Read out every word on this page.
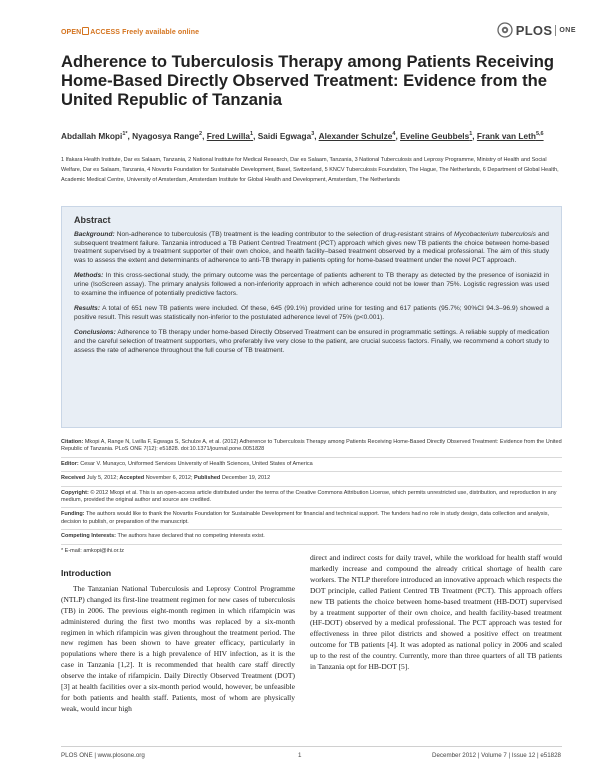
OPEN ACCESS Freely available online	PLOS ONE
Adherence to Tuberculosis Therapy among Patients Receiving Home-Based Directly Observed Treatment: Evidence from the United Republic of Tanzania
Abdallah Mkopi$^{1*}$, Nyagosya Range$^2$, Fred Lwilla$^1$, Saidi Egwaga$^3$, Alexander Schulze$^4$, Eveline Geubbels$^1$, Frank van Leth$^{5,6}$
1 Ifakara Health Institute, Dar es Salaam, Tanzania, 2 National Institute for Medical Research, Dar es Salaam, Tanzania, 3 National Tuberculosis and Leprosy Programme, Ministry of Health and Social Welfare, Dar es Salaam, Tanzania, 4 Novartis Foundation for Sustainable Development, Basel, Switzerland, 5 KNCV Tuberculosis Foundation, The Hague, The Netherlands, 6 Department of Global Health, Academic Medical Centre, University of Amsterdam, Amsterdam Institute for Global Health and Development, Amsterdam, The Netherlands
Abstract

Background: Non-adherence to tuberculosis (TB) treatment is the leading contributor to the selection of drug-resistant strains of Mycobacterium tuberculosis and subsequent treatment failure. Tanzania introduced a TB Patient Centred Treatment (PCT) approach which gives new TB patients the choice between home-based treatment supervised by a treatment supporter of their own choice, and health facility–based treatment observed by a medical professional. The aim of this study was to assess the extent and determinants of adherence to anti-TB therapy in patients opting for home-based treatment under the novel PCT approach.

Methods: In this cross-sectional study, the primary outcome was the percentage of patients adherent to TB therapy as detected by the presence of isoniazid in urine (IsoScreen assay). The primary analysis followed a non-inferiority approach in which adherence could not be lower than 75%. Logistic regression was used to examine the influence of potentially predictive factors.

Results: A total of 651 new TB patients were included. Of these, 645 (99.1%) provided urine for testing and 617 patients (95.7%; 90%CI 94.3–96.9) showed a positive result. This result was statistically non-inferior to the postulated adherence level of 75% (p<0.001).

Conclusions: Adherence to TB therapy under home-based Directly Observed Treatment can be ensured in programmatic settings. A reliable supply of medication and the careful selection of treatment supporters, who preferably live very close to the patient, are crucial success factors. Finally, we recommend a cohort study to assess the rate of adherence throughout the full course of TB treatment.

Citation: Mkopi A, Range N, Lwilla F, Egwaga S, Schulze A, et al. (2012) Adherence to Tuberculosis Therapy among Patients Receiving Home-Based Directly Observed Treatment: Evidence from the United Republic of Tanzania. PLoS ONE 7(12): e51828. doi:10.1371/journal.pone.0051828
Editor: Cesar V. Munayco, Uniformed Services University of Health Sciences, United States of America
Received July 5, 2012; Accepted November 6, 2012; Published December 19, 2012
Copyright: © 2012 Mkopi et al. This is an open-access article distributed under the terms of the Creative Commons Attribution License, which permits unrestricted use, distribution, and reproduction in any medium, provided the original author and source are credited.
Funding: The authors would like to thank the Novartis Foundation for Sustainable Development for financial and technical support. The funders had no role in study design, data collection and analysis, decision to publish, or preparation of the manuscript.
Competing Interests: The authors have declared that no competing interests exist.
* E-mail: amkopi@ihi.or.tz
Introduction

The Tanzanian National Tuberculosis and Leprosy Control Programme (NTLP) changed its first-line treatment regimen for new cases of tuberculosis (TB) in 2006. The previous eight-month regimen in which rifampicin was administered during the first two months was replaced by a six-month regimen in which rifampicin was given throughout the treatment period. The new regimen has been shown to have greater efficacy, particularly in populations where there is a high prevalence of HIV infection, as it is the case in Tanzania [1,2]. It is recommended that health care staff directly observe the intake of rifampicin. Daily Directly Observed Treatment (DOT) [3] at health facilities over a six-month period would, however, be unfeasible for both patients and health staff. Patients, most of whom are physically weak, would incur high

direct and indirect costs for daily travel, while the workload for health staff would markedly increase and compound the already critical shortage of health care workers. The NTLP therefore introduced an innovative approach which respects the DOT principle, called Patient Centred TB Treatment (PCT). This approach offers new TB patients the choice between home-based treatment (HB-DOT) supervised by a treatment supporter of their own choice, and health facility-based treatment (HF-DOT) observed by a medical professional. The PCT approach was tested for effectiveness in three pilot districts and showed a positive effect on treatment outcome for TB patients [4]. It was adopted as national policy in 2006 and scaled up to the rest of the country. Currently, more than three quarters of all TB patients in Tanzania opt for HB-DOT [5].

PLOS ONE | www.plosone.org	1	December 2012 | Volume 7 | Issue 12 | e51828
